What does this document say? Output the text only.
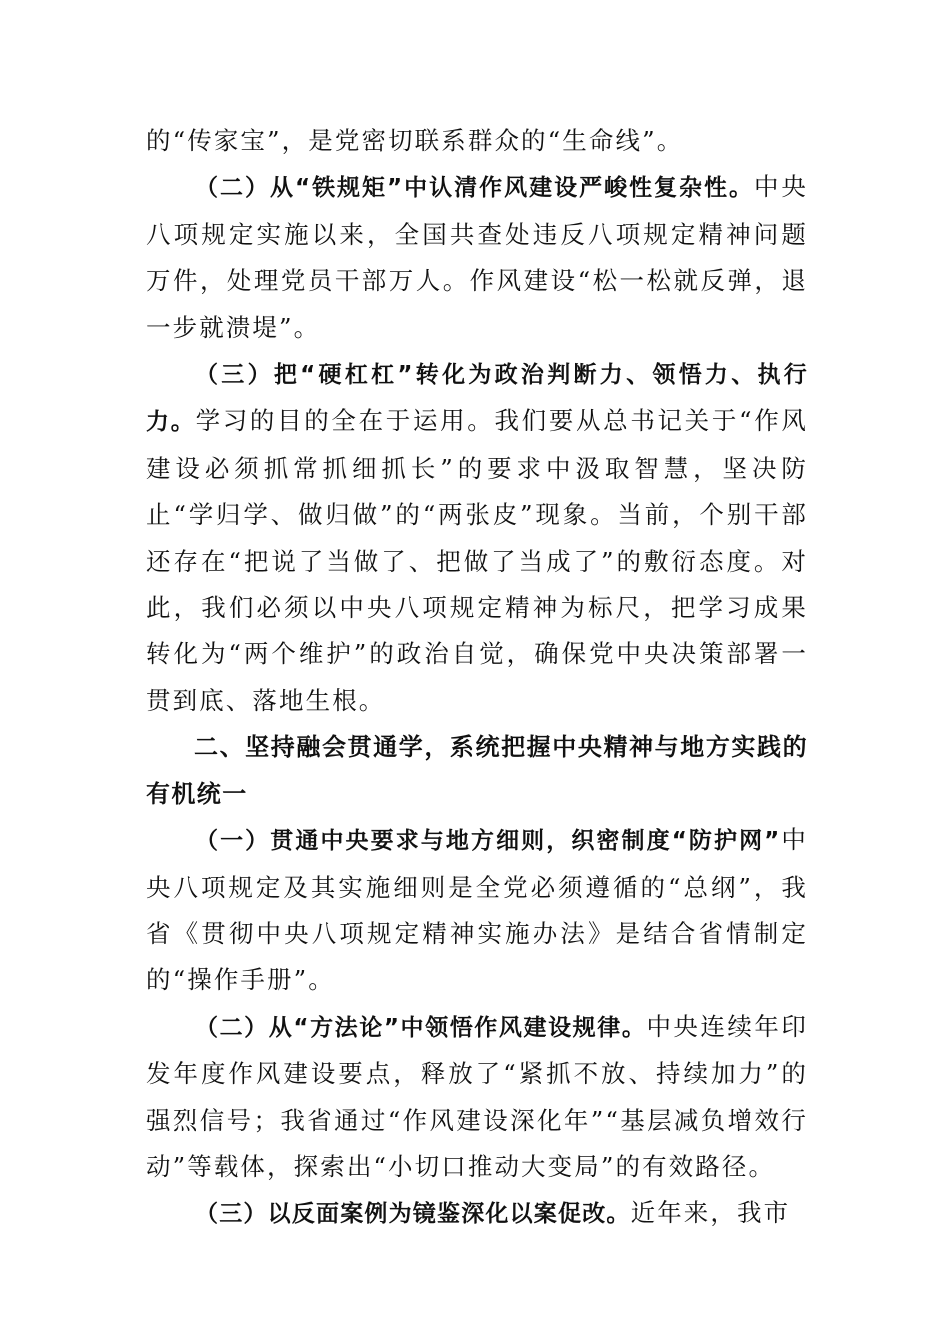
的“传家宝”，是党密切联系群众的“生命线”。

（二）从“铁规矩”中认清作风建设严峻性复杂性。中央八项规定实施以来，全国共查处违反八项规定精神问题万件，处理党员干部万人。作风建设“松一松就反弹，退一步就溃堤”。

（三）把“硬杠杠”转化为政治判断力、领悟力、执行力。学习的目的全在于运用。我们要从总书记关于“作风建设必须抓常抓细抓长”的要求中汲取智慧，坚决防止“学归学、做归做”的“两张皮”现象。当前，个别干部还存在“把说了当做了、把做了当成了”的敷衍态度。对此，我们必须以中央八项规定精神为标尺，把学习成果转化为“两个维护”的政治自觉，确保党中央决策部署一贯到底、落地生根。

二、坚持融会贯通学，系统把握中央精神与地方实践的有机统一

（一）贯通中央要求与地方细则，织密制度“防护网”中央八项规定及其实施细则是全党必须遵循的“总纲”，我省《贯彻中央八项规定精神实施办法》是结合省情制定的“操作手册”。

（二）从“方法论”中领悟作风建设规律。中央连续年印发年度作风建设要点，释放了“紧抓不放、持续加力”的强烈信号；我省通过“作风建设深化年”“基层减负增效行动”等载体，探索出“小切口推动大变局”的有效路径。

（三）以反面案例为镜鉴深化以案促改。近年来，我市
